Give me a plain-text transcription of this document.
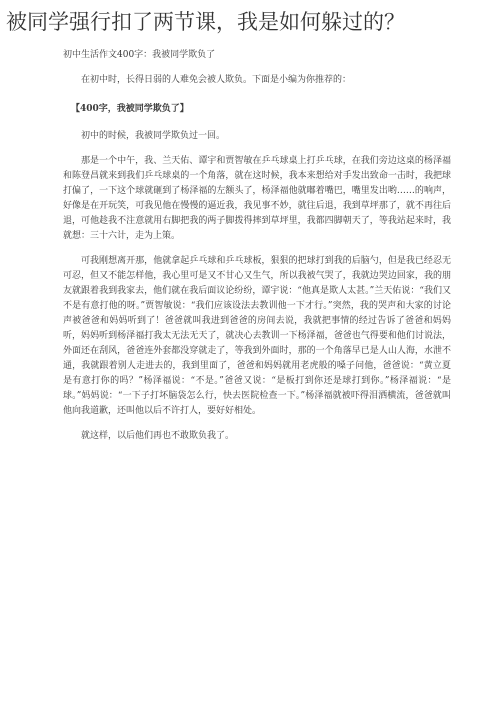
被同学强行扣了两节课，我是如何躲过的？

初中生活作文400字：我被同学欺负了

在初中时，长得日弱的人难免会被人欺负。下面是小编为你推荐的：

【400字，我被同学欺负了】

初中的时候，我被同学欺负过一回。

那是一个中午，我、兰天佑、谭宇和贾智敏在乒乓球桌上打乒乓球，在我们旁边这桌的杨泽福和陈登昌就来到我们乒乓球桌的一个角落，就在这时候，我本来想给对手发出致命一击时，我把球打偏了，一下这个球就砸到了杨泽福的左额头了，杨泽福他就嘟着嘴巴，嘴里发出哟……的响声，好像是在开玩笑，可我见他在慢慢的逼近我，我见事不妙，就往后退，我到草坪那了，就不再往后退，可他趁我不注意就用右脚把我的两子脚拨得摔到草坪里，我都四脚朝天了，等我站起来时，我就想：三十六计，走为上策。

可我刚想离开那，他就拿起乒乓球和乒乓球板，狠狠的把球打到我的后脑勺，但是我已经忍无可忍，但又不能怎样他，我心里可是又不甘心又生气，所以我被气哭了，我就边哭边回家，我的朋友就跟着我到我家去，他们就在我后面议论纷纷，谭宇说：“他真是欺人太甚。”兰天佑说：“我们又不是有意打他的呀。”贾智敏说：“我们应该设法去教训他一下才行。”突然，我的哭声和大家的讨论声被爸爸和妈妈听到了！爸爸就叫我进到爸爸的房间去说，我就把事情的经过告诉了爸爸和妈妈听，妈妈听到杨泽福打我太无法无天了，就决心去教训一下杨泽福，爸爸也气得要和他们讨说法，外面还在刮风，爸爸连外套都没穿就走了，等我到外面时，那的一个角落早已是人山人海，水泄不通，我就跟着别人走进去的，我到里面了，爸爸和妈妈就用老虎般的嗓子问他，爸爸说：“黄立夏是有意打你的吗？”杨泽福说：“不是。”爸爸又说：“是板打到你还是球打到你。”杨泽福说：“是球。”妈妈说：“一下子打坏脑袋怎么行，快去医院检查一下。”杨泽福就被吓得泪洒横流，爸爸就叫他向我道歉，还叫他以后不许打人，要好好相处。

就这样，以后他们再也不敢欺负我了。
